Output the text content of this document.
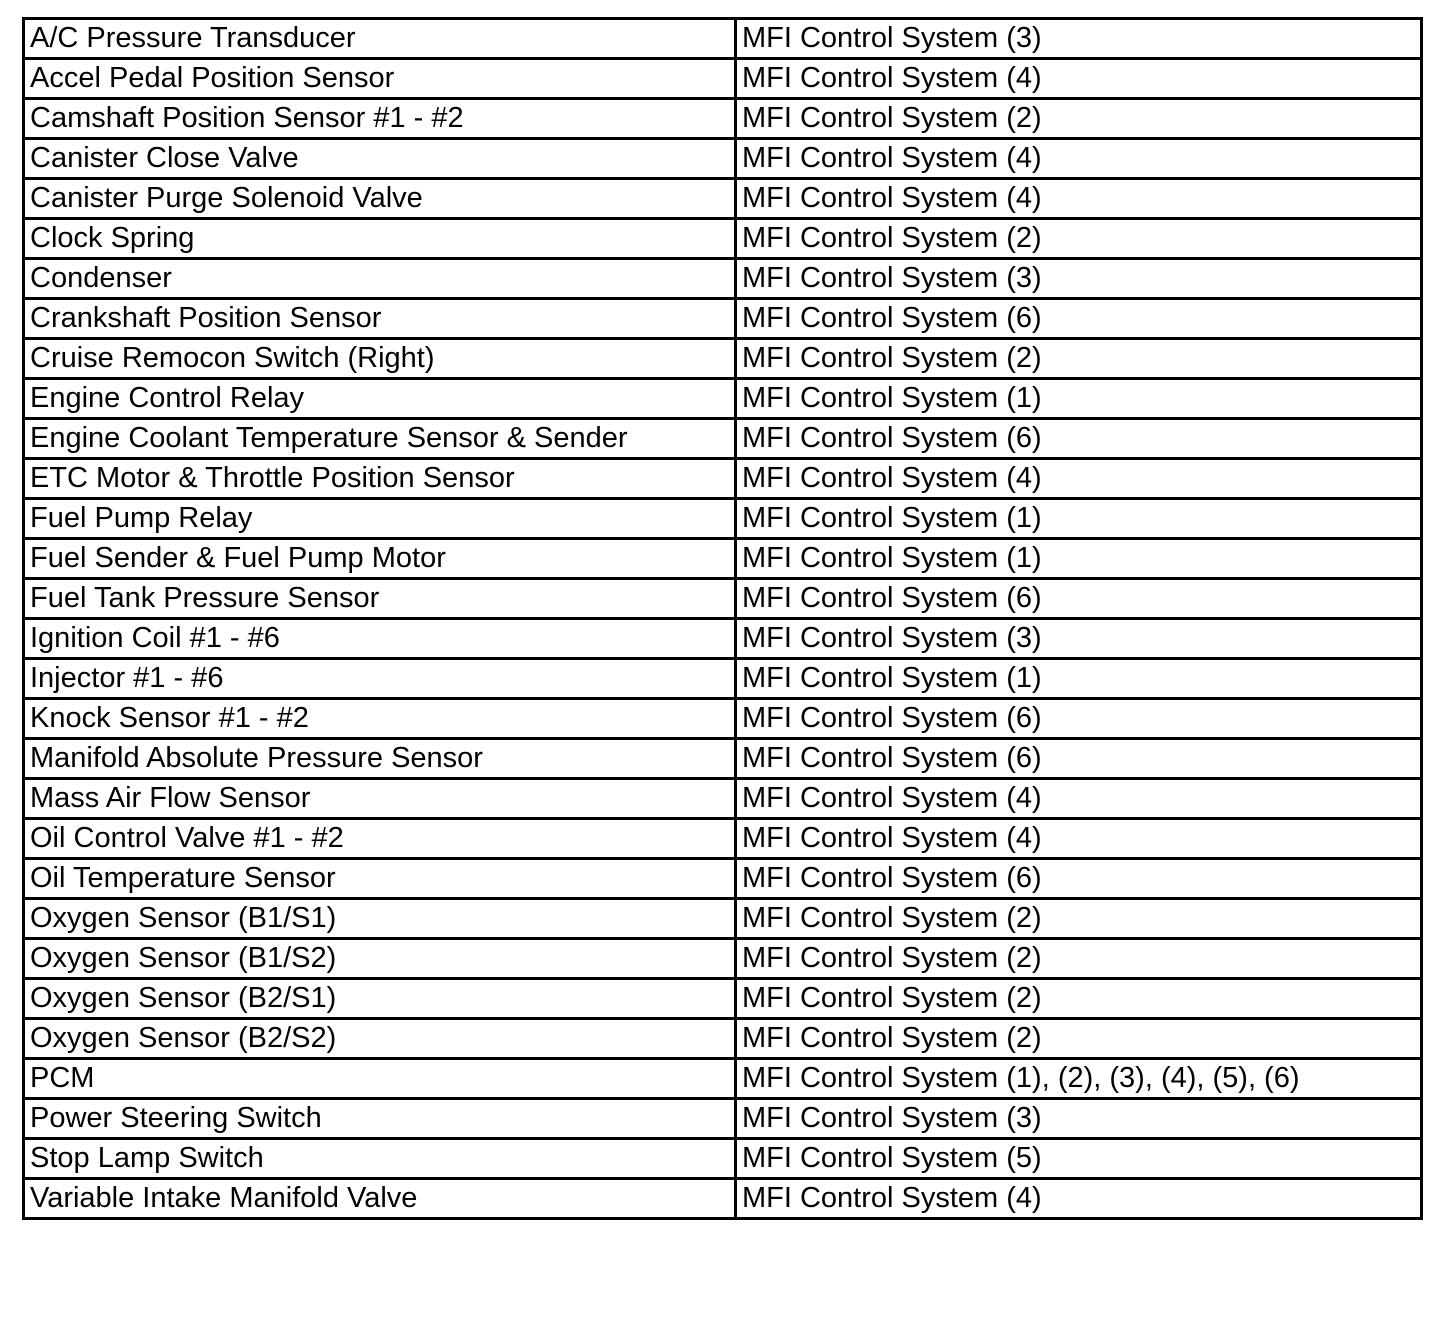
A/C Pressure Transducer	MFI Control System (3)
Accel Pedal Position Sensor	MFI Control System (4)
Camshaft Position Sensor #1 - #2	MFI Control System (2)
Canister Close Valve	MFI Control System (4)
Canister Purge Solenoid Valve	MFI Control System (4)
Clock Spring	MFI Control System (2)
Condenser	MFI Control System (3)
Crankshaft Position Sensor	MFI Control System (6)
Cruise Remocon Switch (Right)	MFI Control System (2)
Engine Control Relay	MFI Control System (1)
Engine Coolant Temperature Sensor & Sender	MFI Control System (6)
ETC Motor & Throttle Position Sensor	MFI Control System (4)
Fuel Pump Relay	MFI Control System (1)
Fuel Sender & Fuel Pump Motor	MFI Control System (1)
Fuel Tank Pressure Sensor	MFI Control System (6)
Ignition Coil #1 - #6	MFI Control System (3)
Injector #1 - #6	MFI Control System (1)
Knock Sensor #1 - #2	MFI Control System (6)
Manifold Absolute Pressure Sensor	MFI Control System (6)
Mass Air Flow Sensor	MFI Control System (4)
Oil Control Valve #1 - #2	MFI Control System (4)
Oil Temperature Sensor	MFI Control System (6)
Oxygen Sensor (B1/S1)	MFI Control System (2)
Oxygen Sensor (B1/S2)	MFI Control System (2)
Oxygen Sensor (B2/S1)	MFI Control System (2)
Oxygen Sensor (B2/S2)	MFI Control System (2)
PCM	MFI Control System (1), (2), (3), (4), (5), (6)
Power Steering Switch	MFI Control System (3)
Stop Lamp Switch	MFI Control System (5)
Variable Intake Manifold Valve	MFI Control System (4)
